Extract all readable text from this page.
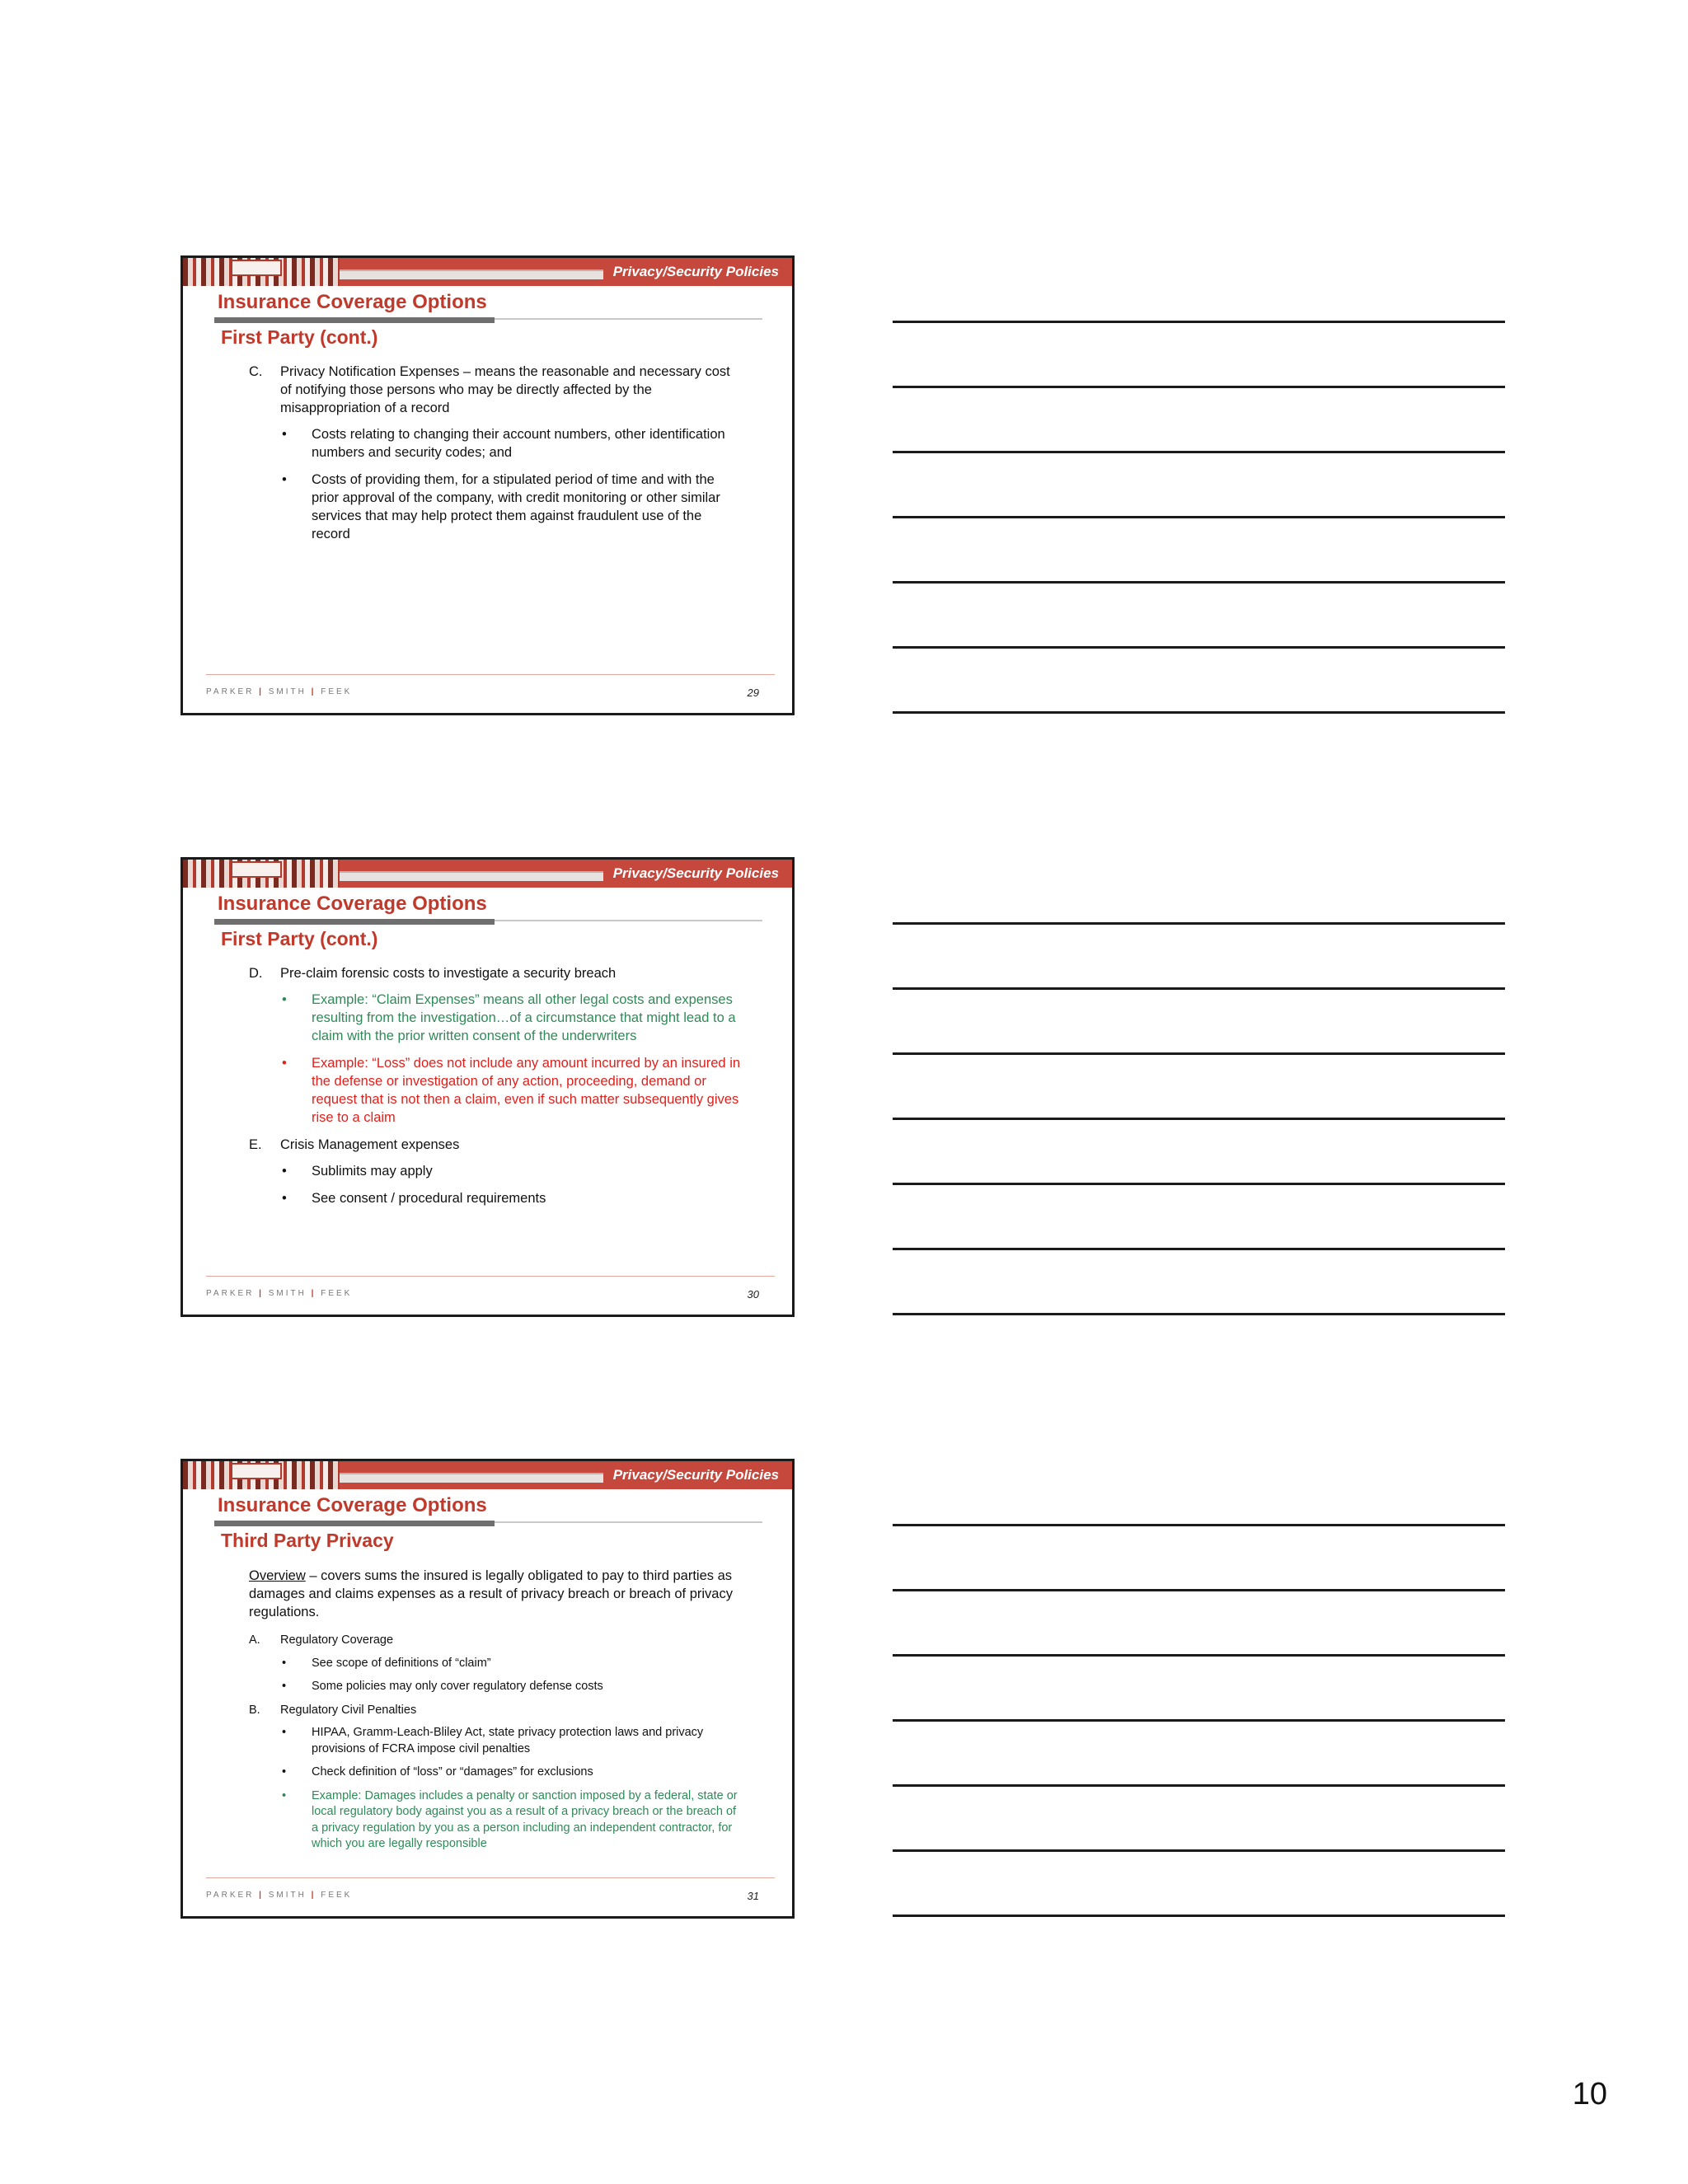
Privacy/Security Policies
Insurance Coverage Options
First Party (cont.)
C. Privacy Notification Expenses – means the reasonable and necessary cost of notifying those persons who may be directly affected by the misappropriation of a record
• Costs relating to changing their account numbers, other identification numbers and security codes; and
• Costs of providing them, for a stipulated period of time and with the prior approval of the company, with credit monitoring or other similar services that may help protect them against fraudulent use of the record
PARKER | SMITH | FEEK	29
Privacy/Security Policies
Insurance Coverage Options
First Party (cont.)
D. Pre-claim forensic costs to investigate a security breach
• Example: “Claim Expenses” means all other legal costs and expenses resulting from the investigation…of a circumstance that might lead to a claim with the prior written consent of the underwriters
• Example: “Loss” does not include any amount incurred by an insured in the defense or investigation of any action, proceeding, demand or request that is not then a claim, even if such matter subsequently gives rise to a claim
E. Crisis Management expenses
• Sublimits may apply
• See consent / procedural requirements
PARKER | SMITH | FEEK	30
Privacy/Security Policies
Insurance Coverage Options
Third Party Privacy
Overview – covers sums the insured is legally obligated to pay to third parties as damages and claims expenses as a result of privacy breach or breach of privacy regulations.
A. Regulatory Coverage
• See scope of definitions of “claim”
• Some policies may only cover regulatory defense costs
B. Regulatory Civil Penalties
• HIPAA, Gramm-Leach-Bliley Act, state privacy protection laws and privacy provisions of FCRA impose civil penalties
• Check definition of “loss” or “damages” for exclusions
• Example: Damages includes a penalty or sanction imposed by a federal, state or local regulatory body against you as a result of a privacy breach or the breach of a privacy regulation by you as a person including an independent contractor, for which you are legally responsible
PARKER | SMITH | FEEK	31
10
